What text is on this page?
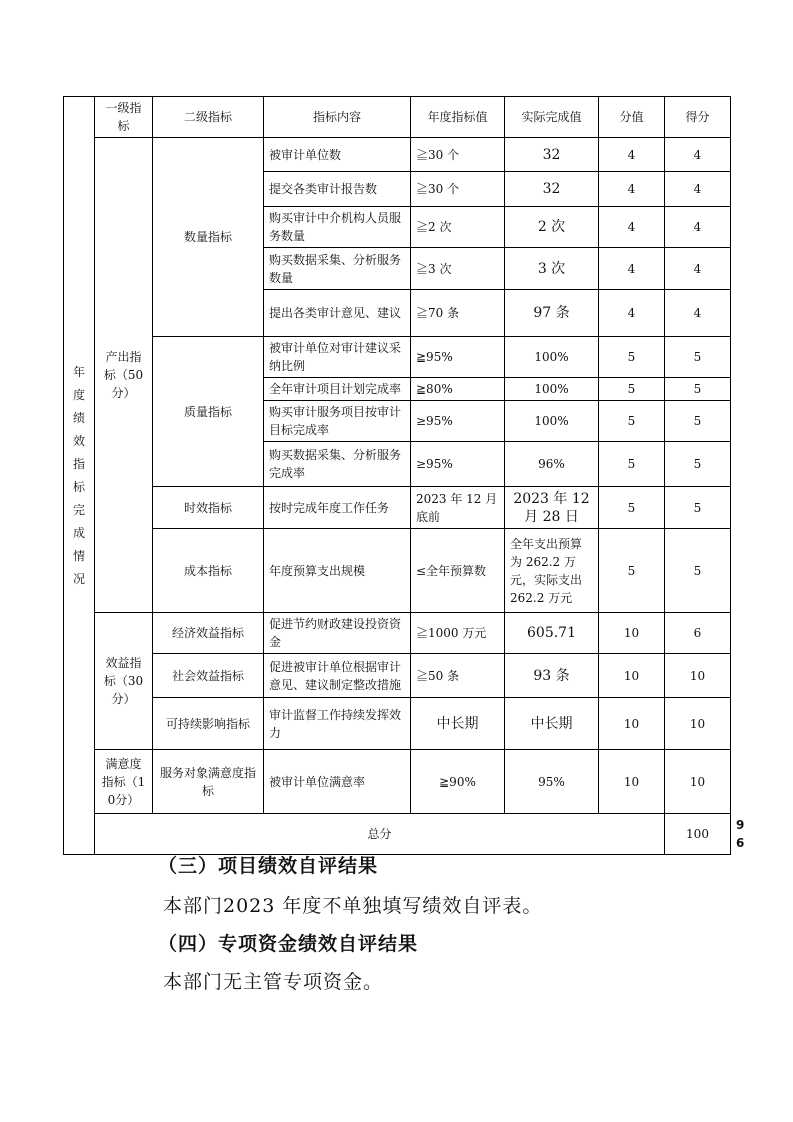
年度绩效指标完成情况	一级指标	二级指标	指标内容	年度指标值	实际完成值	分值	得分	
	产出指标（50分）	数量指标	被审计单位数	≧30 个	32	4	4	
			提交各类审计报告数	≧30 个	32	4	4	
			购买审计中介机构人员服务数量	≧2 次	2 次	4	4	
			购买数据采集、分析服务数量	≧3 次	3 次	4	4	
			提出各类审计意见、建议	≧70 条	97 条	4	4	
		质量指标	被审计单位对审计建议采纳比例	≧95%	100%	5	5	
			全年审计项目计划完成率	≧80%	100%	5	5	
			购买审计服务项目按审计目标完成率	≥95%	100%	5	5	
			购买数据采集、分析服务完成率	≥95%	96%	5	5	
		时效指标	按时完成年度工作任务	2023 年 12 月底前	2023 年 12 月 28 日	5	5	
		成本指标	年度预算支出规模	≤全年预算数	全年支出预算为 262.2 万元，实际支出 262.2 万元	5	5	
	效益指标（30分）	经济效益指标	促进节约财政建设投资资金	≧1000 万元	605.71	10	6	
		社会效益指标	促进被审计单位根据审计意见、建议制定整改措施	≧50 条	93 条	10	10	
		可持续影响指标	审计监督工作持续发挥效力	中长期	中长期	10	10	
	满意度指标（10分）	服务对象满意度指标	被审计单位满意率	≧90%	95%	10	10	
	总分						100	96
（三）项目绩效自评结果
本部门2023 年度不单独填写绩效自评表。
（四）专项资金绩效自评结果
本部门无主管专项资金。
